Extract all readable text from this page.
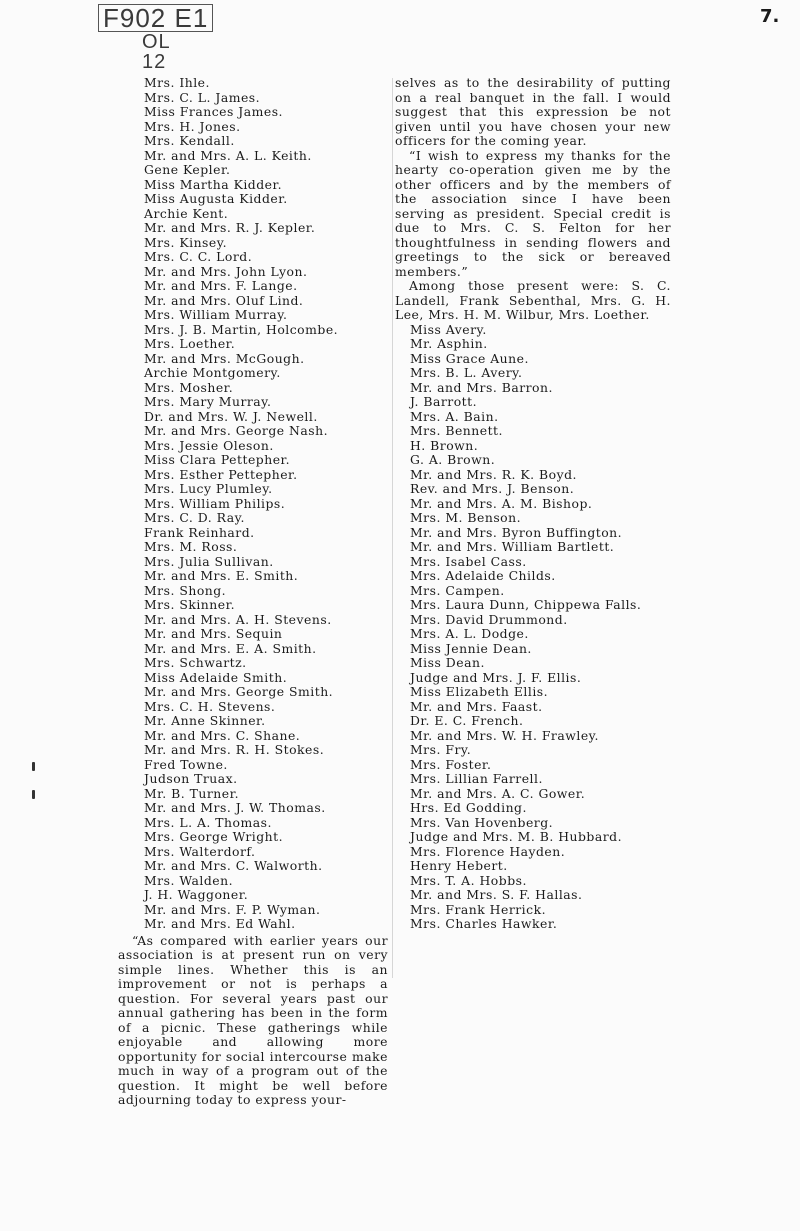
F902 E1
OL
12
7.
Mrs. Ihle.
Mrs. C. L. James.
Miss Frances James.
Mrs. H. Jones.
Mrs. Kendall.
Mr. and Mrs. A. L. Keith.
Gene Kepler.
Miss Martha Kidder.
Miss Augusta Kidder.
Archie Kent.
Mr. and Mrs. R. J. Kepler.
Mrs. Kinsey.
Mrs. C. C. Lord.
Mr. and Mrs. John Lyon.
Mr. and Mrs. F. Lange.
Mr. and Mrs. Oluf Lind.
Mrs. William Murray.
Mrs. J. B. Martin, Holcombe.
Mrs. Loether.
Mr. and Mrs. McGough.
Archie Montgomery.
Mrs. Mosher.
Mrs. Mary Murray.
Dr. and Mrs. W. J. Newell.
Mr. and Mrs. George Nash.
Mrs. Jessie Oleson.
Miss Clara Pettepher.
Mrs. Esther Pettepher.
Mrs. Lucy Plumley.
Mrs. William Philips.
Mrs. C. D. Ray.
Frank Reinhard.
Mrs. M. Ross.
Mrs. Julia Sullivan.
Mr. and Mrs. E. Smith.
Mrs. Shong.
Mrs. Skinner.
Mr. and Mrs. A. H. Stevens.
Mr. and Mrs. Sequin
Mr. and Mrs. E. A. Smith.
Mrs. Schwartz.
Miss Adelaide Smith.
Mr. and Mrs. George Smith.
Mrs. C. H. Stevens.
Mr. Anne Skinner.
Mr. and Mrs. C. Shane.
Mr. and Mrs. R. H. Stokes.
Fred Towne.
Judson Truax.
Mr. B. Turner.
Mr. and Mrs. J. W. Thomas.
Mrs. L. A. Thomas.
Mrs. George Wright.
Mrs. Walterdorf.
Mr. and Mrs. C. Walworth.
Mrs. Walden.
J. H. Waggoner.
Mr. and Mrs. F. P. Wyman.
Mr. and Mrs. Ed Wahl.

“As compared with earlier years our association is at present run on very simple lines. Whether this is an improvement or not is perhaps a question. For several years past our annual gathering has been in the form of a picnic. These gatherings while enjoyable and allowing more opportunity for social intercourse make much in way of a program out of the question. It might be well before adjourning today to express your-

selves as to the desirability of putting on a real banquet in the fall. I would suggest that this expression be not given until you have chosen your new officers for the coming year.

“I wish to express my thanks for the hearty co-operation given me by the other officers and by the members of the association since I have been serving as president. Special credit is due to Mrs. C. S. Felton for her thoughtfulness in sending flowers and greetings to the sick or bereaved members.”

Among those present were: S. C. Landell, Frank Sebenthal, Mrs. G. H. Lee, Mrs. H. M. Wilbur, Mrs. Loether.

Miss Avery.
Mr. Asphin.
Miss Grace Aune.
Mrs. B. L. Avery.
Mr. and Mrs. Barron.
J. Barrott.
Mrs. A. Bain.
Mrs. Bennett.
H. Brown.
G. A. Brown.
Mr. and Mrs. R. K. Boyd.
Rev. and Mrs. J. Benson.
Mr. and Mrs. A. M. Bishop.
Mrs. M. Benson.
Mr. and Mrs. Byron Buffington.
Mr. and Mrs. William Bartlett.
Mrs. Isabel Cass.
Mrs. Adelaide Childs.
Mrs. Campen.

Mrs. Laura Dunn, Chippewa Falls.

Mrs. David Drummond.
Mrs. A. L. Dodge.
Miss Jennie Dean.
Miss Dean.
Judge and Mrs. J. F. Ellis.
Miss Elizabeth Ellis.
Mr. and Mrs. Faast.
Dr. E. C. French.
Mr. and Mrs. W. H. Frawley.
Mrs. Fry.
Mrs. Foster.
Mrs. Lillian Farrell.
Mr. and Mrs. A. C. Gower.
Hrs. Ed Godding.
Mrs. Van Hovenberg.
Judge and Mrs. M. B. Hubbard.
Mrs. Florence Hayden.
Henry Hebert.
Mrs. T. A. Hobbs.
Mr. and Mrs. S. F. Hallas.
Mrs. Frank Herrick.
Mrs. Charles Hawker.
